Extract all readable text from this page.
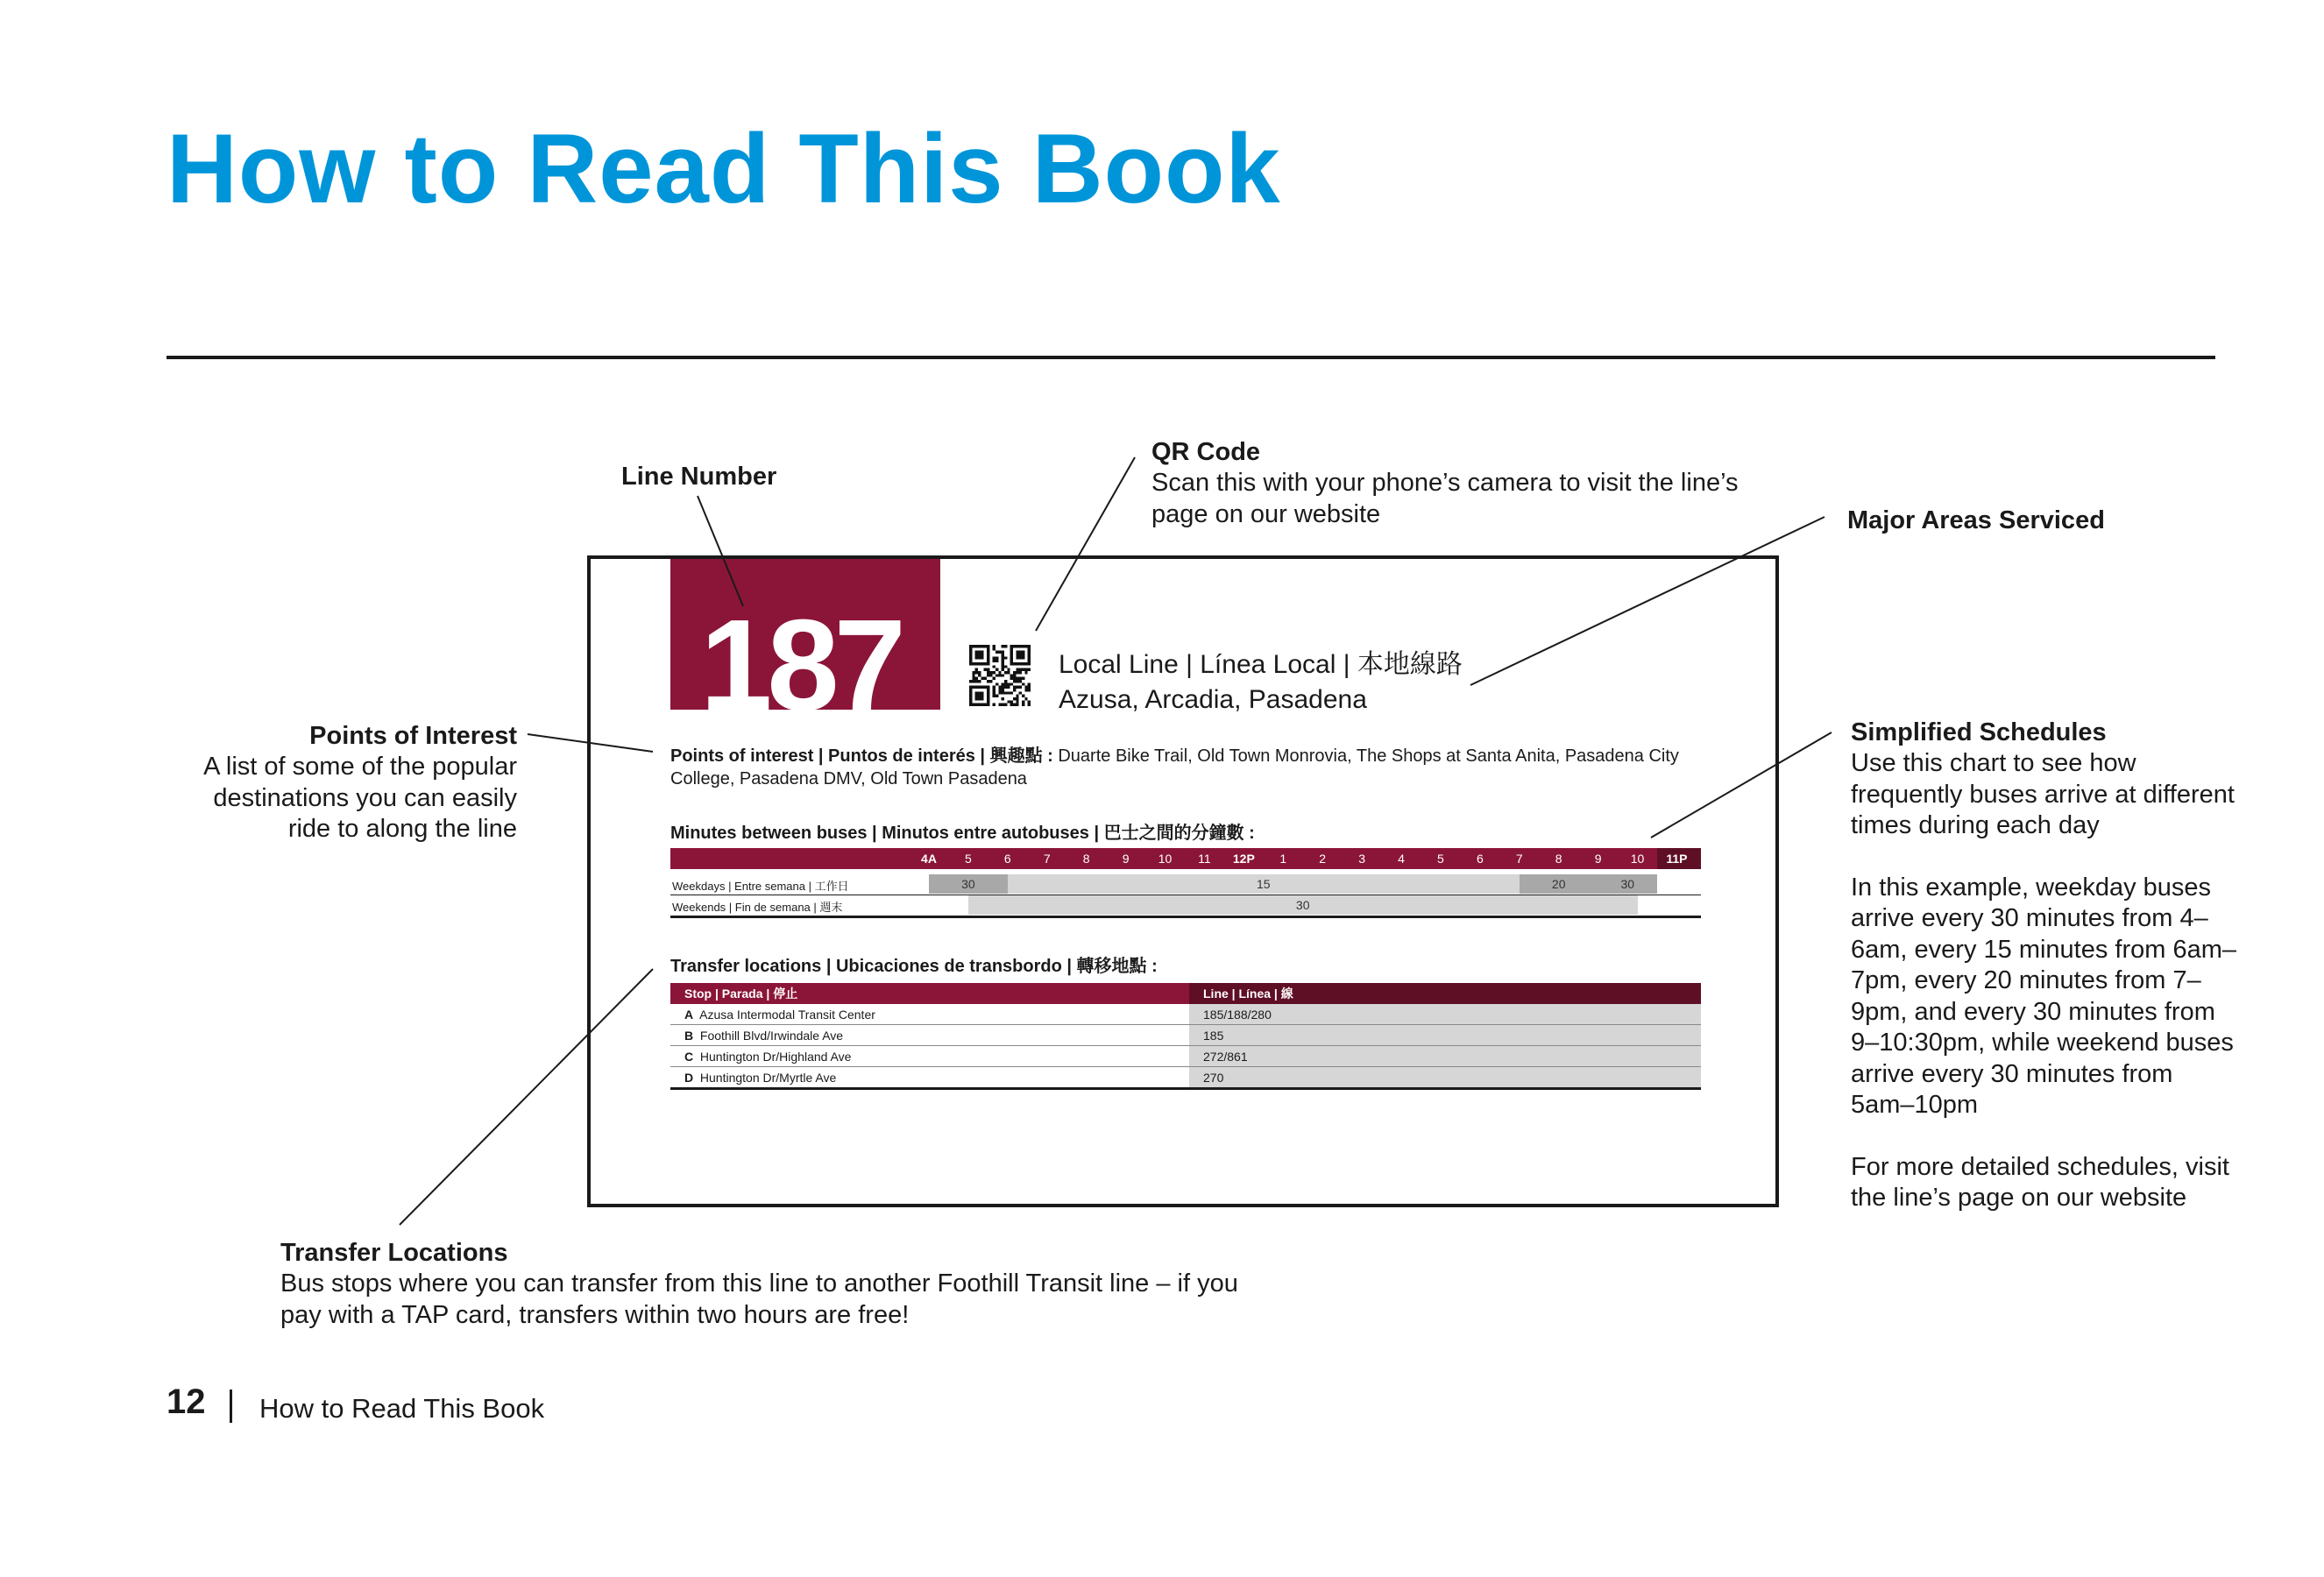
How to Read This Book
Line Number
QR Code
Scan this with your phone’s camera to visit the line’s page on our website	Major Areas Serviced
Points of Interest
A list of some of the popular destinations you can easily ride to along the line
Simplified Schedules
Use this chart to see how frequently buses arrive at different times during each day
In this example, weekday buses arrive every 30 minutes from 4–6am, every 15 minutes from 6am–7pm, every 20 minutes from 7–9pm, and every 30 minutes from 9–10:30pm, while weekend buses arrive every 30 minutes from 5am–10pm
For more detailed schedules, visit the line’s page on our website
Transfer Locations
Bus stops where you can transfer from this line to another Foothill Transit line – if you pay with a TAP card, transfers within two hours are free!
187	Local Line | Línea Local | 本地線路
Azusa, Arcadia, Pasadena
Points of interest | Puntos de interés | 興趣點 : Duarte Bike Trail, Old Town Monrovia, The Shops at Santa Anita, Pasadena City College, Pasadena DMV, Old Town Pasadena
Minutes between buses | Minutos entre autobuses | 巴士之間的分鐘數 :
4A 5	6	7	8	9 10 11 12P 1	2	3	4	5	6	7	8	9 10 11P
Weekdays | Entre semana | 工作日	30	15	20	30
Weekends | Fin de semana | 週末	30
Transfer locations | Ubicaciones de transbordo | 轉移地點 :
Stop | Parada | 停止	Line | Línea | 線
A  Azusa Intermodal Transit Center	185/188/280
B  Foothill Blvd/Irwindale Ave	185
C  Huntington Dr/Highland Ave	272/861
D  Huntington Dr/Myrtle Ave	270
12 How to Read This Book
